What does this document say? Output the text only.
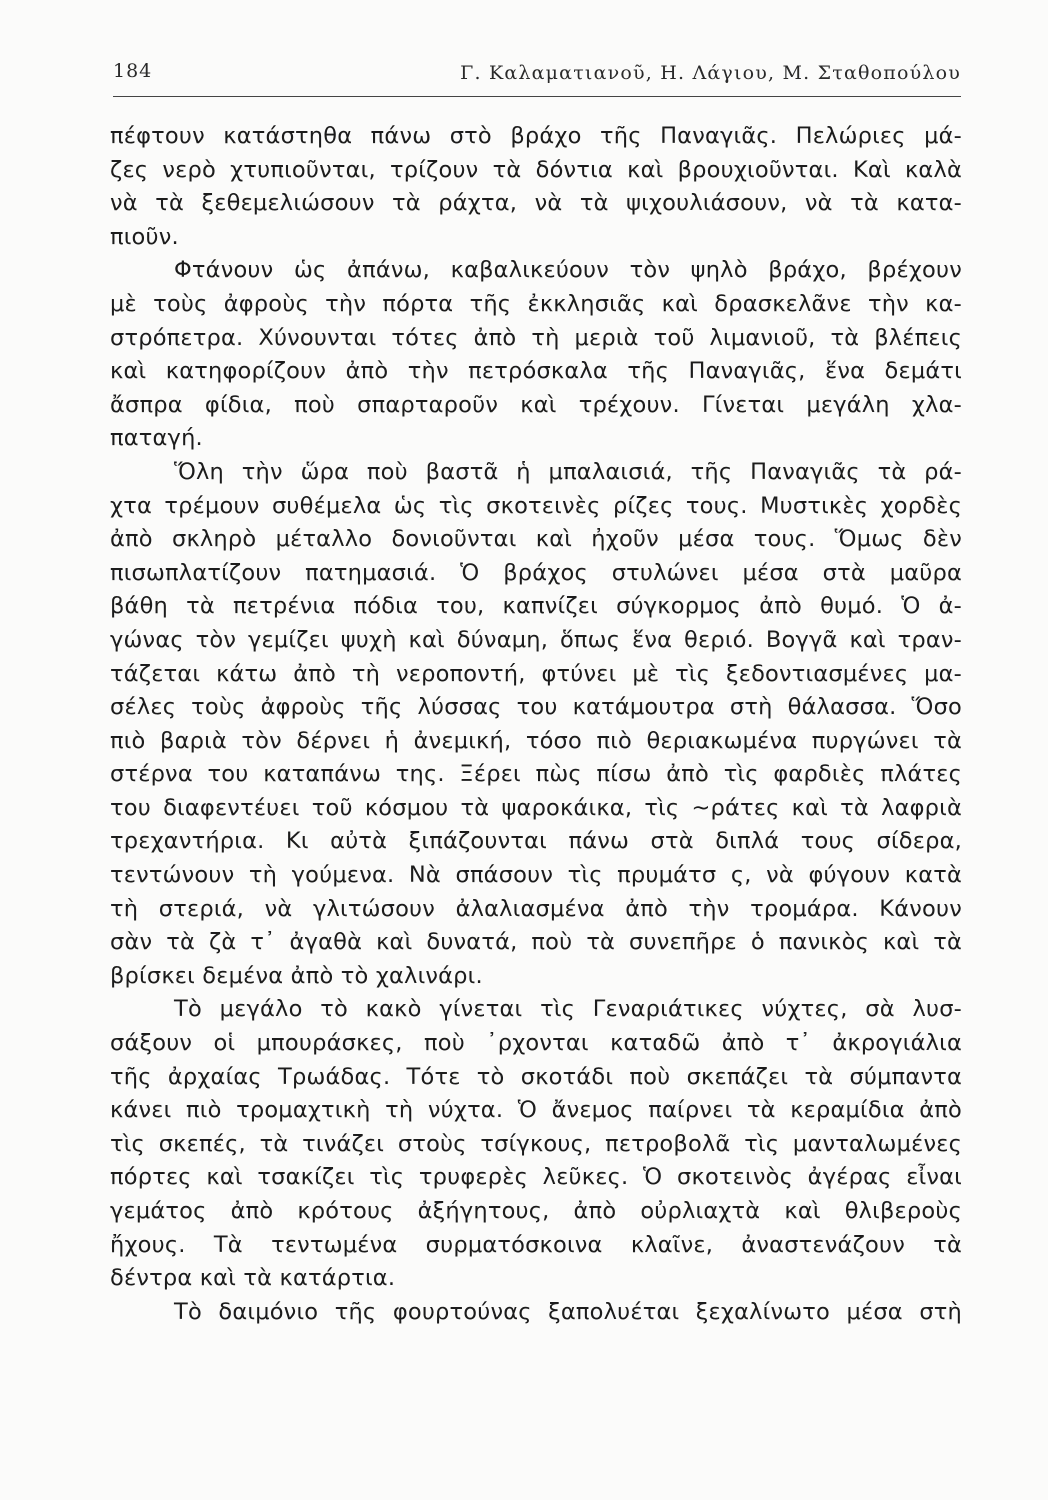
184	Γ. Καλαματιανοῦ, Η. Λάγιου, Μ. Σταθοπούλου
πέφτουν κατάστηθα πάνω στὸ βράχο τῆς Παναγιᾶς. Πελώριες μά-
ζες νερὸ χτυπιοῦνται, τρίζουν τὰ δόντια καὶ βρουχιοῦνται. Καὶ καλὰ
νὰ τὰ ξεθεμελιώσουν τὰ ράχτα, νὰ τὰ ψιχουλιάσουν, νὰ τὰ κατα-
πιοῦν.
Φτάνουν ὡς ἀπάνω, καβαλικεύουν τὸν ψηλὸ βράχο, βρέχουν
μὲ τοὺς ἀφροὺς τὴν πόρτα τῆς ἐκκλησιᾶς καὶ δρασκελᾶνε τὴν κα-
στρόπετρα. Χύνουνται τότες ἀπὸ τὴ μεριὰ τοῦ λιμανιοῦ, τὰ βλέπεις
καὶ κατηφορίζουν ἀπὸ τὴν πετρόσκαλα τῆς Παναγιᾶς, ἕνα δεμάτι
ἄσπρα φίδια, ποὺ σπαρταροῦν καὶ τρέχουν. Γίνεται μεγάλη χλα-
παταγή.
Ὅλη τὴν ὥρα ποὺ βαστᾶ ἡ μπαλαισιά, τῆς Παναγιᾶς τὰ ρά-
χτα τρέμουν συθέμελα ὡς τὶς σκοτεινὲς ρίζες τους. Μυστικὲς χορδὲς
ἀπὸ σκληρὸ μέταλλο δονιοῦνται καὶ ἠχοῦν μέσα τους. Ὅμως δὲν
πισωπλατίζουν πατημασιά. Ὁ βράχος στυλώνει μέσα στὰ μαῦρα
βάθη τὰ πετρένια πόδια του, καπνίζει σύγκορμος ἀπὸ θυμό. Ὁ ἀ-
γώνας τὸν γεμίζει ψυχὴ καὶ δύναμη, ὅπως ἕνα θεριό. Βογγᾶ καὶ τραν-
τάζεται κάτω ἀπὸ τὴ νεροποντή, φτύνει μὲ τὶς ξεδοντιασμένες μα-
σέλες τοὺς ἀφροὺς τῆς λύσσας του κατάμουτρα στὴ θάλασσα. Ὅσο
πιὸ βαριὰ τὸν δέρνει ἡ ἀνεμική, τόσο πιὸ θεριακωμένα πυργώνει τὰ
στέρνα του καταπάνω της. Ξέρει πὼς πίσω ἀπὸ τὶς φαρδιὲς πλάτες
του διαφεντέυει τοῦ κόσμου τὰ ψαροκάικα, τὶς ~ράτες καὶ τὰ λαφριὰ
τρεχαντήρια. Κι αὐτὰ ξιπάζουνται πάνω στὰ διπλά τους σίδερα,
τεντώνουν τὴ γούμενα. Νὰ σπάσουν τὶς πρυμάτσ ς, νὰ φύγουν κατὰ
τὴ στεριά, νὰ γλιτώσουν ἀλαλιασμένα ἀπὸ τὴν τρομάρα. Κάνουν
σὰν τὰ ζὰ τ᾽ ἀγαθὰ καὶ δυνατά, ποὺ τὰ συνεπῆρε ὁ πανικὸς καὶ τὰ
βρίσκει δεμένα ἀπὸ τὸ χαλινάρι.
Τὸ μεγάλο τὸ κακὸ γίνεται τὶς Γεναριάτικες νύχτες, σὰ λυσ-
σάξουν οἱ μπουράσκες, ποὺ ᾽ρχονται καταδῶ ἀπὸ τ᾽ ἀκρογιάλια
τῆς ἀρχαίας Τρωάδας. Τότε τὸ σκοτάδι ποὺ σκεπάζει τὰ σύμπαντα
κάνει πιὸ τρομαχτικὴ τὴ νύχτα. Ὁ ἄνεμος παίρνει τὰ κεραμίδια ἀπὸ
τὶς σκεπές, τὰ τινάζει στοὺς τσίγκους, πετροβολᾶ τὶς μανταλωμένες
πόρτες καὶ τσακίζει τὶς τρυφερὲς λεῦκες. Ὁ σκοτεινὸς ἀγέρας εἶναι
γεμάτος ἀπὸ κρότους ἀξήγητους, ἀπὸ οὐρλιαχτὰ καὶ θλιβεροὺς
ἤχους. Τὰ τεντωμένα συρματόσκοινα κλαῖνε, ἀναστενάζουν τὰ
δέντρα καὶ τὰ κατάρτια.
Τὸ δαιμόνιο τῆς φουρτούνας ξαπολυέται ξεχαλίνωτο μέσα στὴ
